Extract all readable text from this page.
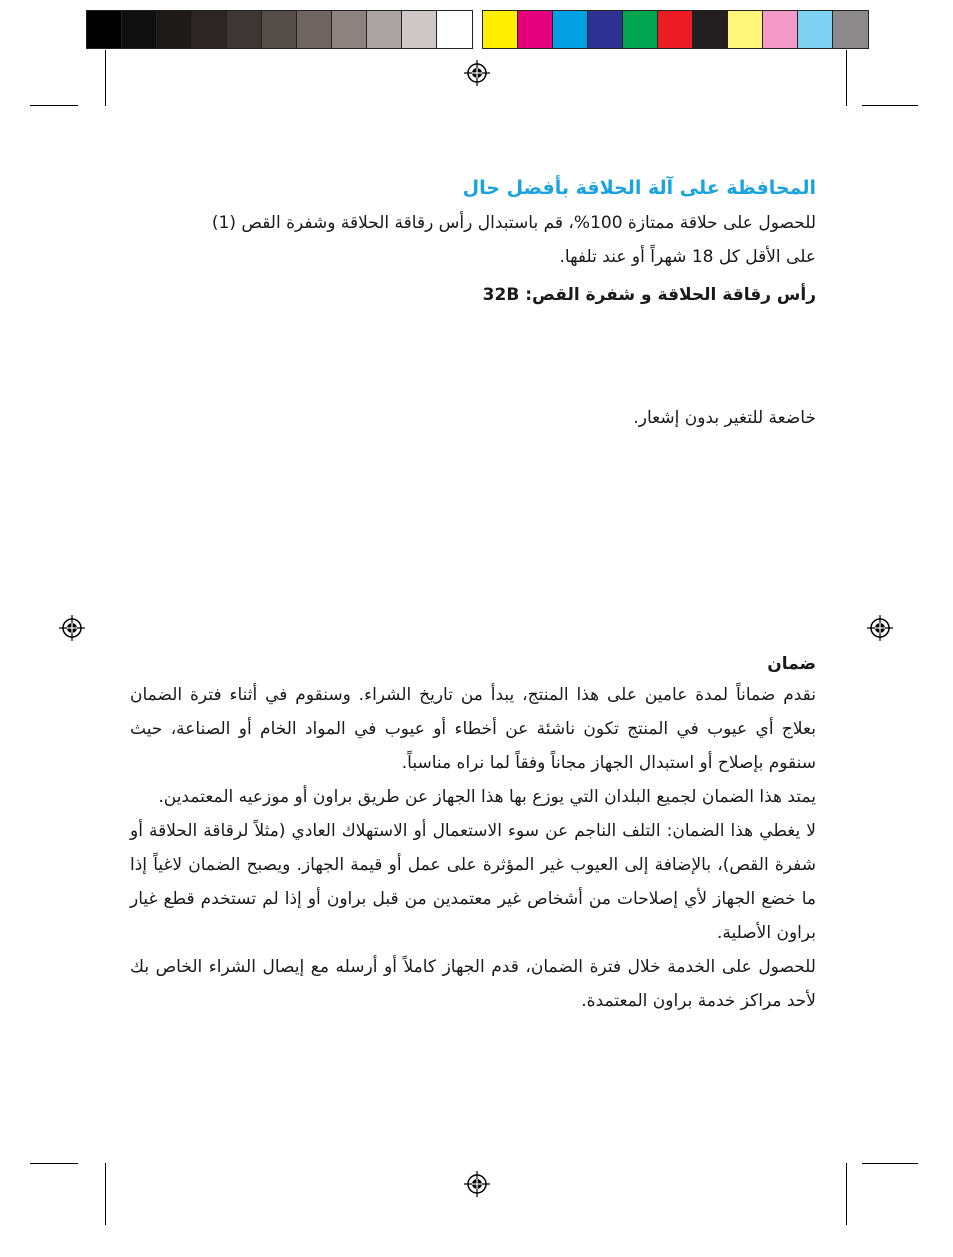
المحافظة على آلة الحلاقة بأفضل حال
للحصول على حلاقة ممتازة 100%، قم باستبدال رأس رقاقة الحلاقة وشفرة القص (1)
على الأقل كل 18 شهراً أو عند تلفها.
رأس رقاقة الحلاقة و شفرة القص: 32B
خاضعة للتغير بدون إشعار.
ضمان
نقدم ضماناً لمدة عامين على هذا المنتج، يبدأ من تاريخ الشراء. وسنقوم في أثناء فترة الضمان بعلاج أي عيوب في المنتج تكون ناشئة عن أخطاء أو عيوب في المواد الخام أو الصناعة، حيث سنقوم بإصلاح أو استبدال الجهاز مجاناً وفقاً لما نراه مناسباً.
يمتد هذا الضمان لجميع البلدان التي يوزع بها هذا الجهاز عن طريق براون أو موزعيه المعتمدين.
لا يغطي هذا الضمان: التلف الناجم عن سوء الاستعمال أو الاستهلاك العادي (مثلاً لرقاقة الحلاقة أو شفرة القص)، بالإضافة إلى العيوب غير المؤثرة على عمل أو قيمة الجهاز. ويصبح الضمان لاغياً إذا ما خضع الجهاز لأي إصلاحات من أشخاص غير معتمدين من قبل براون أو إذا لم تستخدم قطع غيار براون الأصلية.
للحصول على الخدمة خلال فترة الضمان، قدم الجهاز كاملاً أو أرسله مع إيصال الشراء الخاص بك لأحد مراكز خدمة براون المعتمدة.
